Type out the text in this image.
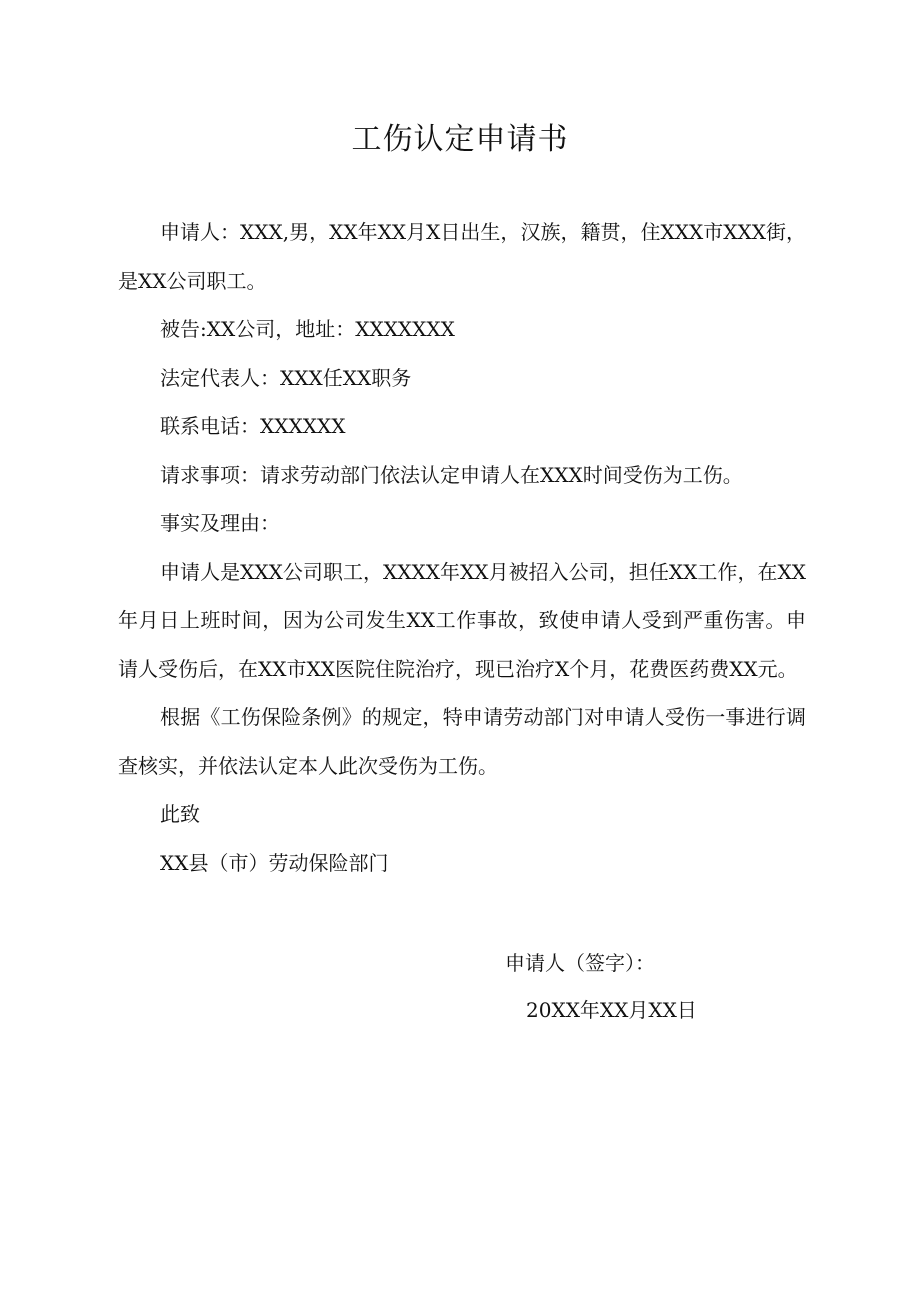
工伤认定申请书

申请人：XXX,男，XX年XX月X日出生，汉族，籍贯，住XXX市XXX街，是XX公司职工。

被告:XX公司，地址：XXXXXXX

法定代表人：XXX任XX职务

联系电话：XXXXXX

请求事项：请求劳动部门依法认定申请人在XXX时间受伤为工伤。

事实及理由：

申请人是XXX公司职工，XXXX年XX月被招入公司，担任XX工作，在XX年月日上班时间，因为公司发生XX工作事故，致使申请人受到严重伤害。申请人受伤后，在XX市XX医院住院治疗，现已治疗X个月，花费医药费XX元。

根据《工伤保险条例》的规定，特申请劳动部门对申请人受伤一事进行调查核实，并依法认定本人此次受伤为工伤。

此致

XX县（市）劳动保险部门

申请人（签字）：
20XX年XX月XX日
